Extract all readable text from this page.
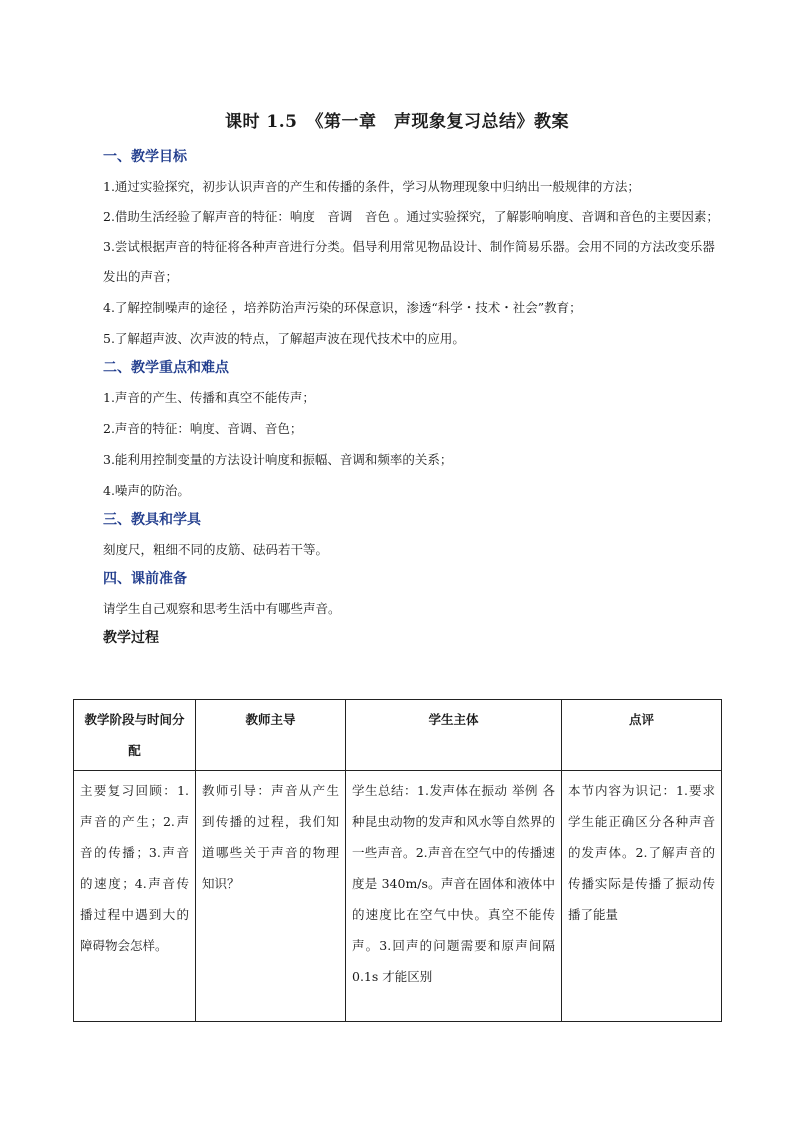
课时 1.5　《第一章　声现象复习总结》教案
一、教学目标

1.通过实验探究，初步认识声音的产生和传播的条件，学习从物理现象中归纳出一般规律的方法；

2.借助生活经验了解声音的特征：响度　音调　音色 。通过实验探究，了解影响响度、音调和音色的主要因素；

3.尝试根据声音的特征将各种声音进行分类。倡导利用常见物品设计、制作简易乐器。会用不同的方法改变乐器发出的声音；

4.了解控制噪声的途径 ，培养防治声污染的环保意识，渗透“科学・技术・社会”教育；

5.了解超声波、次声波的特点，了解超声波在现代技术中的应用。

二、教学重点和难点

1.声音的产生、传播和真空不能传声；

2.声音的特征：响度、音调、音色；

3.能利用控制变量的方法设计响度和振幅、音调和频率的关系；

4.噪声的防治。

三、教具和学具

刻度尺，粗细不同的皮筋、砝码若干等。

四、课前准备

请学生自己观察和思考生活中有哪些声音。

教学过程
教学阶段与时间分配	教师主导	学生主体	点评
主要复习回顾：1.声音的产生；2.声音的传播；3.声音的速度；4.声音传播过程中遇到大的障碍物会怎样。	教师引导：声音从产生到传播的过程，我们知道哪些关于声音的物理知识？	学生总结：1.发声体在振动 举例 各种昆虫动物的发声和风水等自然界的一些声音。2.声音在空气中的传播速度是 340m/s。声音在固体和液体中的速度比在空气中快。真空不能传声。3.回声的问题需要和原声间隔 0.1s 才能区别	本节内容为识记：1.要求学生能正确区分各种声音的发声体。2.了解声音的传播实际是传播了振动传播了能量
